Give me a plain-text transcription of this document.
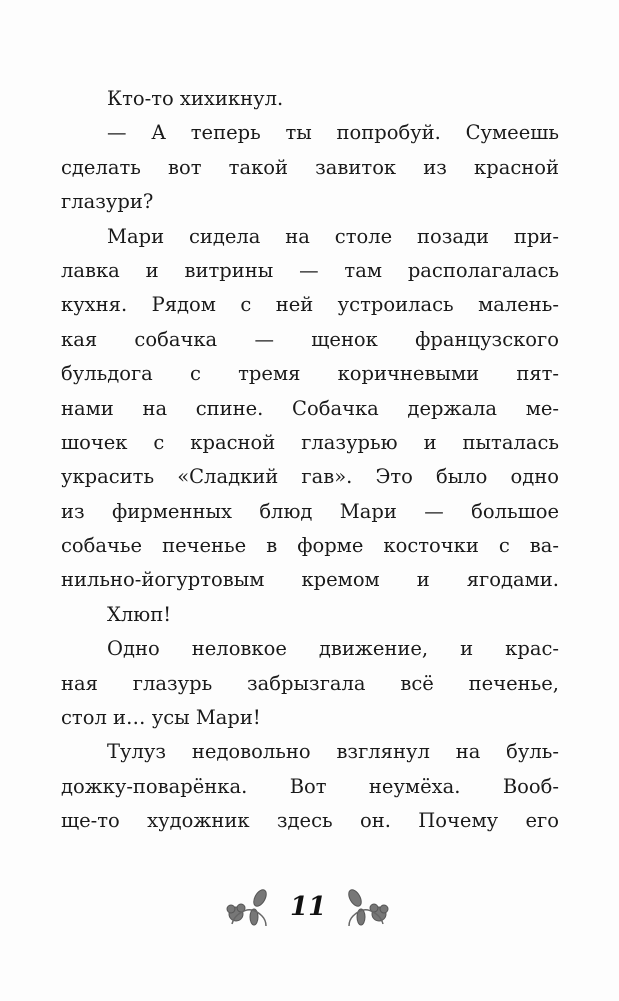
Кто-то хихикнул.
— А теперь ты попробуй. Сумеешь
сделать вот такой завиток из красной
глазури?
Мари сидела на столе позади при-
лавка и витрины — там располагалась
кухня. Рядом с ней устроилась малень-
кая собачка — щенок французского
бульдога с тремя коричневыми пят-
нами на спине. Собачка держала ме-
шочек с красной глазурью и пыталась
украсить «Сладкий гав». Это было одно
из фирменных блюд Мари — большое
собачье печенье в форме косточки с ва-
нильно-йогуртовым кремом и ягодами.
Хлюп!
Одно неловкое движение, и крас-
ная глазурь забрызгала всё печенье,
стол и… усы Мари!
Тулуз недовольно взглянул на буль-
дожку-поварёнка. Вот неумёха. Вооб-
ще-то художник здесь он. Почему его
11
